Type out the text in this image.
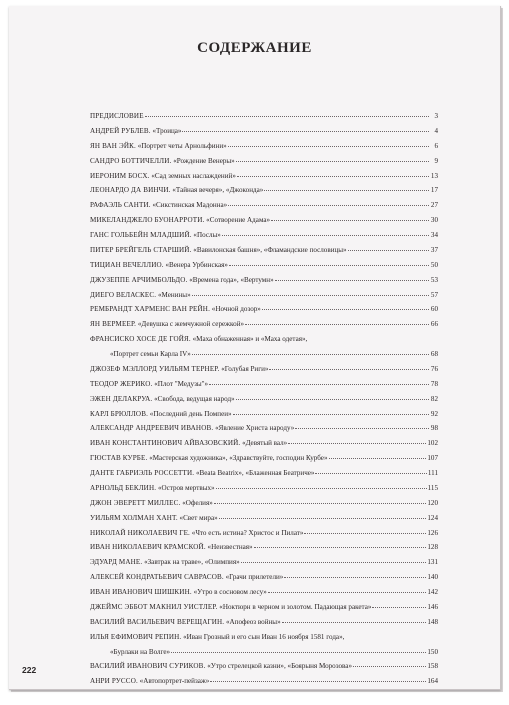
СОДЕРЖАНИЕ
ПРЕДИСЛОВИЕ	3
АНДРЕЙ РУБЛЕВ. «Троица»	4
ЯН ВАН ЭЙК. «Портрет четы Арнольфини»	6
САНДРО БОТТИЧЕЛЛИ. «Рождение Венеры»	9
ИЕРОНИМ БОСХ. «Сад земных наслаждений»	13
ЛЕОНАРДО ДА ВИНЧИ. «Тайная вечеря», «Джоконда»	17
РАФАЭЛЬ САНТИ. «Сикстинская Мадонна»	27
МИКЕЛАНДЖЕЛО БУОНАРРОТИ. «Сотворение Адама»	30
ГАНС ГОЛЬБЕЙН МЛАДШИЙ. «Послы»	34
ПИТЕР БРЕЙГЕЛЬ СТАРШИЙ. «Вавилонская башня», «Фламандские пословицы»	37
ТИЦИАН ВЕЧЕЛЛИО. «Венера Урбинская»	50
ДЖУЗЕППЕ АРЧИМБОЛЬДО. «Времена года», «Вертумн»	53
ДИЕГО ВЕЛАСКЕС. «Менины»	57
РЕМБРАНДТ ХАРМЕНС ВАН РЕЙН. «Ночной дозор»	60
ЯН ВЕРМЕЕР. «Девушка с жемчужной сережкой»	66
ФРАНСИСКО ХОСЕ ДЕ ГОЙЯ. «Маха обнаженная» и «Маха одетая»,
«Портрет семьи Карла IV»	68
ДЖОЗЕФ МЭЛЛОРД УИЛЬЯМ ТЕРНЕР. «Голубая Риги»	76
ТЕОДОР ЖЕРИКО. «Плот "Медузы"»	78
ЭЖЕН ДЕЛАКРУА. «Свобода, ведущая народ»	82
КАРЛ БРЮЛЛОВ. «Последний день Помпеи»	92
АЛЕКСАНДР АНДРЕЕВИЧ ИВАНОВ. «Явление Христа народу»	98
ИВАН КОНСТАНТИНОВИЧ АЙВАЗОВСКИЙ. «Девятый вал»	102
ГЮСТАВ КУРБЕ. «Мастерская художника», «Здравствуйте, господин Курбе»	107
ДАНТЕ ГАБРИЭЛЬ РОССЕТТИ. «Beata Beatrix», «Блаженная Беатриче»	111
АРНОЛЬД БЕКЛИН. «Остров мертвых»	115
ДЖОН ЭВЕРЕТТ МИЛЛЕС. «Офелия»	120
УИЛЬЯМ ХОЛМАН ХАНТ. «Свет мира»	124
НИКОЛАЙ НИКОЛАЕВИЧ ГЕ. «Что есть истина? Христос и Пилат»	126
ИВАН НИКОЛАЕВИЧ КРАМСКОЙ. «Неизвестная»	128
ЭДУАРД МАНЕ. «Завтрак на траве», «Олимпия»	131
АЛЕКСЕЙ КОНДРАТЬЕВИЧ САВРАСОВ. «Грачи прилетели»	140
ИВАН ИВАНОВИЧ ШИШКИН. «Утро в сосновом лесу»	142
ДЖЕЙМС ЭББОТ МАКНИЛ УИСТЛЕР. «Ноктюрн в черном и золотом. Падающая ракета»	146
ВАСИЛИЙ ВАСИЛЬЕВИЧ ВЕРЕЩАГИН. «Апофеоз войны»	148
ИЛЬЯ ЕФИМОВИЧ РЕПИН. «Иван Грозный и его сын Иван 16 ноября 1581 года»,
«Бурлаки на Волге»	150
ВАСИЛИЙ ИВАНОВИЧ СУРИКОВ. «Утро стрелецкой казни», «Боярыня Морозова»	158
АНРИ РУССО. «Автопортрет-пейзаж»	164
222
